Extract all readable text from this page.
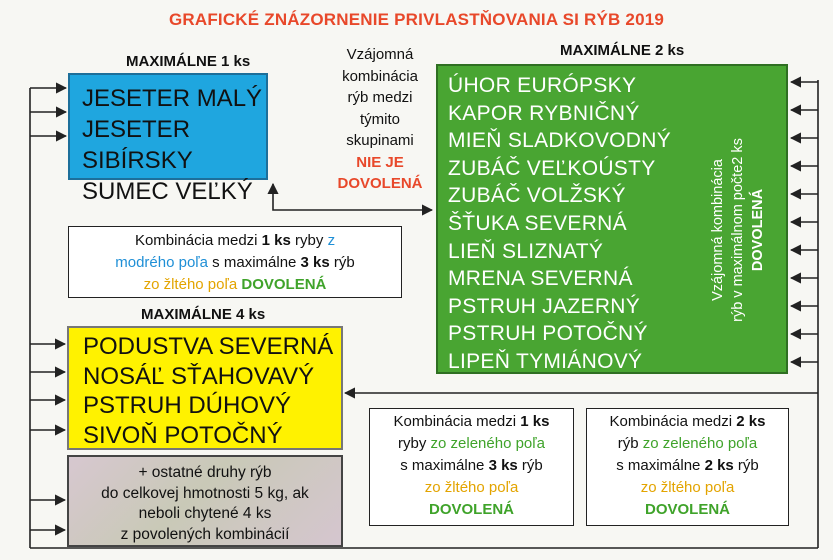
GRAFICKÉ ZNÁZORNENIE PRIVLASTŇOVANIA SI RÝB 2019
MAXIMÁLNE 1 ks
MAXIMÁLNE 2 ks
MAXIMÁLNE 4 ks
JESETER MALÝ
JESETER SIBÍRSKY
SUMEC VEĽKÝ
Vzájomná
kombinácia
rýb medzi
týmito
skupinami
NIE JE
DOVOLENÁ
ÚHOR EURÓPSKY
KAPOR RYBNIČNÝ
MIEŇ SLADKOVODNÝ
ZUBÁČ VEĽKOÚSTY
ZUBÁČ VOLŽSKÝ
ŠŤUKA SEVERNÁ
LIEŇ SLIZNATÝ
MRENA SEVERNÁ
PSTRUH JAZERNÝ
PSTRUH POTOČNÝ
LIPEŇ TYMIÁNOVÝ
Vzájomná kombinácia rýb v maximálnom počte2 ks DOVOLENÁ
Kombinácia medzi 1 ks ryby z
modrého poľa s maximálne 3 ks rýb
zo žltého poľa DOVOLENÁ
PODUSTVA SEVERNÁ
NOSÁĽ SŤAHOVAVÝ
PSTRUH DÚHOVÝ
SIVOŇ POTOČNÝ
+ ostatné druhy rýb
do celkovej hmotnosti 5 kg, ak
neboli chytené 4 ks
z povolených kombinácií
Kombinácia medzi 1 ks
ryby zo zeleného poľa
s maximálne 3 ks rýb
zo žltého poľa
DOVOLENÁ
Kombinácia medzi 2 ks
rýb zo zeleného poľa
s maximálne 2 ks rýb
zo žltého poľa
DOVOLENÁ
